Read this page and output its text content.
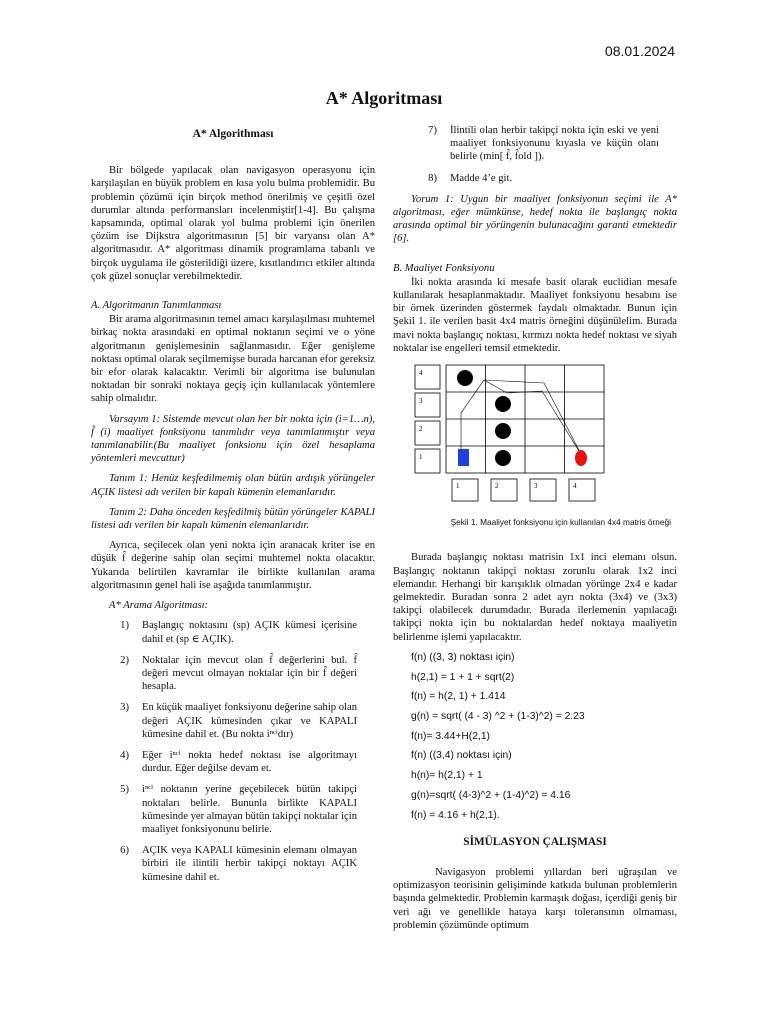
08.01.2024
A* Algoritması
A* Algorithması

Bir bölgede yapılacak olan navigasyon operasyonu için karşılaşılan en büyük problem en kısa yolu bulma problemidir. Bu problemin çözümü için birçok method önerilmiş ve çeşitli özel durumlar altında performansları incelenmiştir[1-4]. Bu çalışma kapsamında, optimal olarak yol bulma problemi için önerilen çözüm ise Dijkstra algoritmasının [5] bir varyansı olan A* algoritmasıdır. A* algoritması dinamik programlama tabanlı ve birçok uygulama ile gösterildiği üzere, kısıtlandırıcı etkiler altında çok güzel sonuçlar verebilmektedir.

A. Algoritmanın Tanımlanması

Bir arama algoritmasının temel amacı karşılaşılması muhtemel birkaç nokta arasındaki en optimal noktanın seçimi ve o yöne algoritmanın genişlemesinin sağlanmasıdır. Eğer genişleme noktası optimal olarak seçilmemişse burada harcanan efor gereksiz bir efor olarak kalacaktır. Verimli bir algoritma ise bulunulan noktadan bir sonraki noktaya geçiş için kullanılacak yöntemlere sahip olmalıdır.

Varsayım 1: Sistemde mevcut olan her bir nokta için (i=1…n), f̂ (i) maaliyet fonksiyonu tanımlıdır veya tanımlanmıştır veya tanımlanabilir.(Bu maaliyet fonksionu için özel hesaplama yöntemleri mevcuttur)

Tanım 1: Henüz keşfedilmemiş olan bütün ardışık yörüngeler AÇIK listesi adı verilen bir kapalı kümenin elemanlarıdır.

Tanım 2: Daha önceden keşfedilmiş bütün yörüngeler KAPALI listesi adı verilen bir kapalı kümenin elemanlarıdır.

Ayrıca, seçilecek olan yeni nokta için aranacak kriter ise en düşük f̂ değerine sahip olan seçimi muhtemel nokta olacaktır. Yukarıda belirtilen kavramlar ile birlikte kullanılan arama algoritmasının genel hali ise aşağıda tanımlanmıştır.

A* Arama Algoritması:

1)	Başlangıç noktasını (sp) AÇIK kümesi içerisine dahil et (sp ∈ AÇIK).
2)	Noktalar için mevcut olan f̂ değerlerini bul. f̂ değeri mevcut olmayan noktalar için bir f̂ değeri hesapla.
3)	En küçük maaliyet fonksiyonu değerine sahip olan değeri AÇIK kümesinden çıkar ve KAPALI kümesine dahil et. (Bu nokta iⁿᶜⁱdır)
4)	Eğer iⁿᶜⁱ nokta hedef noktası ise algoritmayı durdur. Eğer değilse devam et.
5)	iⁿᶜⁱ noktanın yerine geçebilecek bütün takipçi noktaları belirle. Bununla birlikte KAPALI kümesinde yer almayan bütün takipçi noktalar için maaliyet fonksiyonunu belirle.
6)	AÇIK veya KAPALI kümesinin elemanı olmayan birbiri ile ilintili herbir takipçi noktayı AÇIK kümesine dahil et.
7)	İlintili olan herbir takipçi nokta için eski ve yeni maaliyet fonksiyonunu kıyasla ve küçün olanı belirle (min[ f̂, f̂old ]).
8)	Madde 4’e git.

Yorum 1: Uygun bir maaliyet fonksiyonun seçimi ile A* algoritması, eğer mümkünse, hedef nokta ile başlangıç nokta arasında optimal bir yörüngenin bulunacağını garanti etmektedir [6].

B. Maaliyet Fonksiyonu

İki nokta arasında ki mesafe basit olarak euclidian mesafe kullanılarak hesaplanmaktadır. Maaliyet fonksiyonu hesabını ise bir örnek üzerinden göstermek faydalı olmaktadır. Bunun için Şekil 1. ile verilen basit 4x4 matris örneğini düşünülelim. Burada mavi nokta başlangıç noktası, kırmızı nokta hedef noktası ve siyah noktalar ise engelleri temsil etmektedir.

4
3
2
1
1	2	3	4
Şekil 1. Maaliyet fonksiyonu için kullanılan 4x4 matris örneği

Burada başlangıç noktası matrisin 1x1 inci elemanı olsun. Başlangıç noktanın takipçi noktası zorunlu olarak 1x2 inci elemandır. Herhangi bir karışıklık olmadan yörünge 2x4 e kadar gelmektedir. Buradan sonra 2 adet ayrı nokta (3x4) ve (3x3) takipçi olabilecek durumdadır. Burada ilerlemenin yapılacağı takipçi nokta için bu noktalardan hedef noktaya maaliyetin belirlenme işlemi yapılacaktır.

f(n) ((3, 3) noktası için)
h(2,1) = 1 + 1 + sqrt(2)
f(n) = h(2, 1) + 1.414
g(n) = sqrt( (4 - 3) ^2 + (1-3)^2) = 2.23
f(n)= 3.44+H(2,1)
f(n) ((3,4) noktası için)
h(n)= h(2,1) + 1
g(n)=sqrt( (4-3)^2 + (1-4)^2) = 4.16
f(n) = 4.16 + h(2,1).
SİMÜLASYON ÇALIŞMASI

Navigasyon problemi yıllardan beri uğraşılan ve optimizasyon teorisinin gelişiminde katkıda bulunan problemlerin başında gelmektedir. Problemin karmaşık doğası, içerdiği geniş bir veri ağı ve genellikle hataya karşı toleransının olmaması, problemin çözümünde optimum
